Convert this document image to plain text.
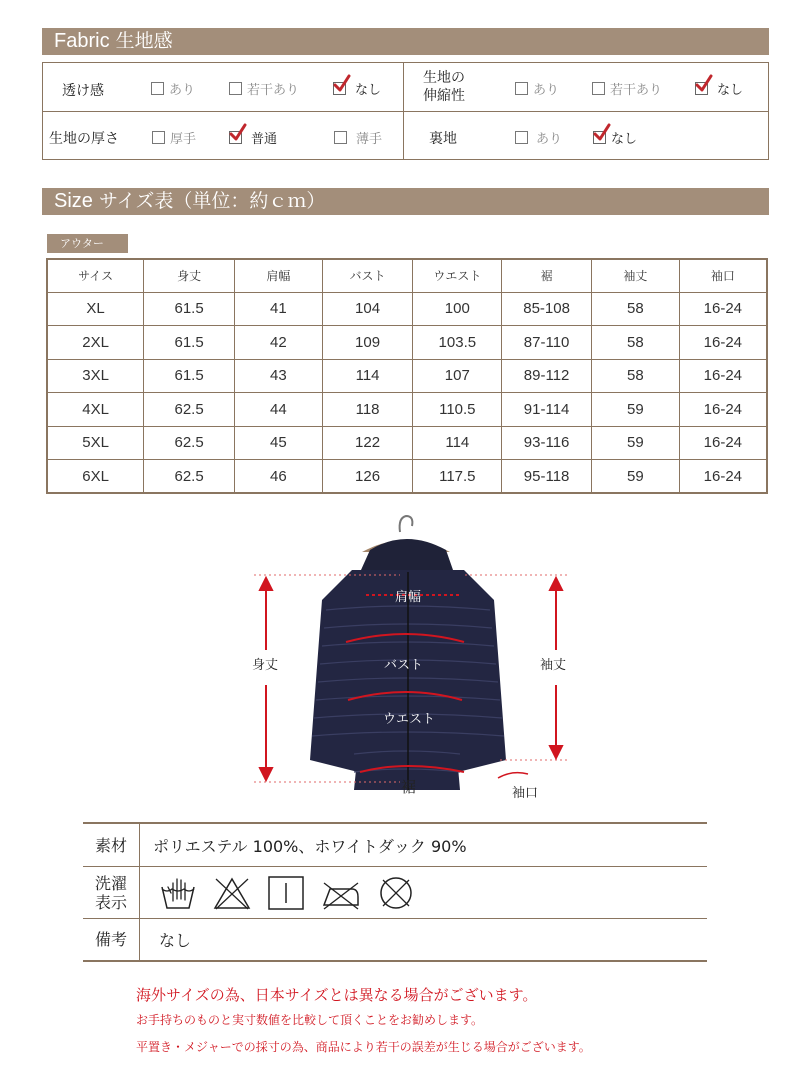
Fabric 生地感
透け感	あり	若干あり	なし
生地の
伸縮性	あり	若干あり	なし
生地の厚さ	厚手	普通	薄手	裏地	あり	なし
Size サイズ表（単位：約ｃｍ）
アウター
サイス	身丈	肩幅	バスト	ウエスト	裾	袖丈	袖口
XL	61.5	41	104	100	85-108	58	16-24
2XL	61.5	42	109	103.5	87-110	58	16-24
3XL	61.5	43	114	107	89-112	58	16-24
4XL	62.5	44	118	110.5	91-114	59	16-24
5XL	62.5	45	122	114	93-116	59	16-24
6XL	62.5	46	126	117.5	95-118	59	16-24
肩幅
バスト
ウエスト
裾
身丈	袖丈
袖口
素材	ポリエステル 100%、ホワイトダック 90%
洗濯
表示
備考	なし
海外サイズの為、日本サイズとは異なる場合がございます。
お手持ちのものと実寸数値を比較して頂くことをお勧めします。
平置き・メジャーでの採寸の為、商品により若干の誤差が生じる場合がございます。
